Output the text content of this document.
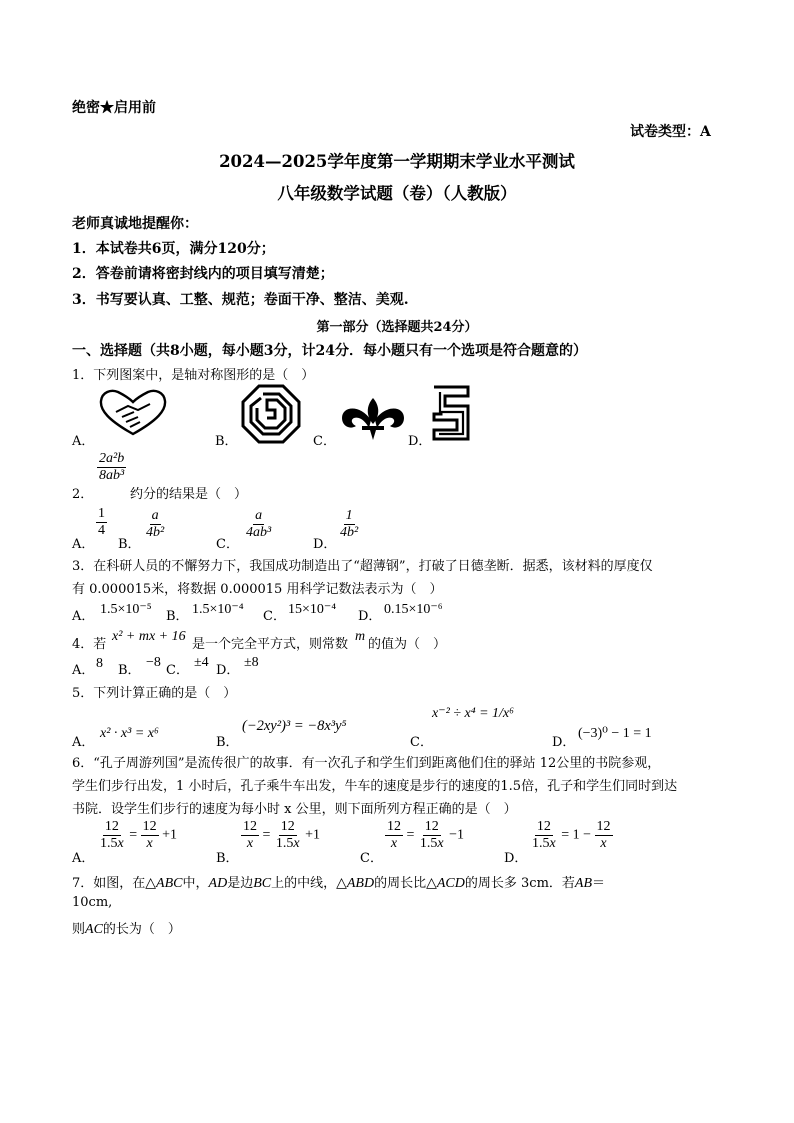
绝密★启用前
试卷类型：A
2024—2025学年度第一学期期末学业水平测试
八年级数学试题（卷）（人教版）
老师真诚地提醒你：
1．本试卷共6页，满分120分；
2．答卷前请将密封线内的项目填写清楚；
3．书写要认真、工整、规范；卷面干净、整洁、美观.
第一部分（选择题共24分）
一、选择题（共8小题，每小题3分，计24分．每小题只有一个选项是符合题意的）
1．下列图案中，是轴对称图形的是（　）
A．	B．	C．	D．
$\frac{\text{2a²b}}{\text{8ab³}}$
2．	约分的结果是（　）
A．
$\frac{1}{4}$
B．
$\frac{a}{\text{4b²}}$
C．
$\frac{a}{\text{4ab³}}$
D．
$\frac{1}{\text{4b²}}$
3．在科研人员的不懈努力下，我国成功制造出了“超薄钢”，打破了日德垄断．据悉，该材料的厚度仅
有 0.000015米，将数据 0.000015 用科学记数法表示为（　）
A． 1.5×10⁻⁵ B． 1.5×10⁻⁴ C． 15×10⁻⁴ D． 0.15×10⁻⁶
4．若
x² + mx + 16
是一个完全平方式，则常数
m
的值为（　）
A． 8 B．
−8
C．
±4
D．
±8
5．下列计算正确的是（　）
A．
x² · x³ = x⁶
B．
(−2xy²)³ = −8x³y⁵
C．
x⁻² ÷ x⁴ = 1/x⁶
D．
(−3)⁰ − 1 = 1
6．“孔子周游列国”是流传很广的故事．有一次孔子和学生们到距离他们住的驿站 12公里的书院参观，
学生们步行出发，1 小时后，孔子乘牛车出发，牛车的速度是步行的速度的1.5倍，孔子和学生们同时到达
书院．设学生们步行的速度为每小时 x 公里，则下面所列方程正确的是（　）
A．
$\frac{12}{1.5x} = \frac{12}{x} +1$
B．
$\frac{12}{x} = \frac{12}{1.5x} +1$
C．
$\frac{12}{x} = \frac{12}{1.5x} -1$
D．
$\frac{12}{1.5x} = 1 - \frac{12}{x}$
7．如图，在△ABC中，AD是边BC上的中线，△ABD的周长比△ACD的周长多 3cm．若AB＝
10cm,
则AC的长为（　）
